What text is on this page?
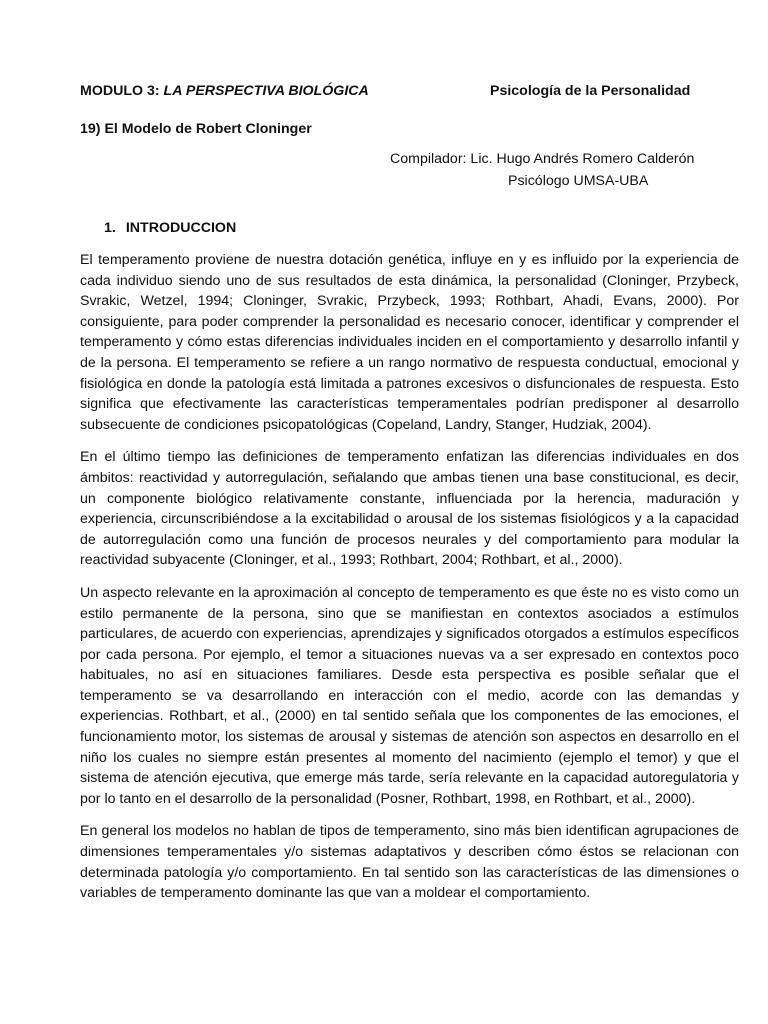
MODULO 3: LA PERSPECTIVA BIOLÓGICA	Psicología de la Personalidad
19) El Modelo de Robert Cloninger
Compilador: Lic. Hugo Andrés Romero Calderón
Psicólogo UMSA-UBA
1. INTRODUCCION

El temperamento proviene de nuestra dotación genética, influye en y es influido por la experiencia de cada individuo siendo uno de sus resultados de esta dinámica, la personalidad (Cloninger, Przybeck, Svrakic, Wetzel, 1994; Cloninger, Svrakic, Przybeck, 1993; Rothbart, Ahadi, Evans, 2000). Por consiguiente, para poder comprender la personalidad es necesario conocer, identificar y comprender el temperamento y cómo estas diferencias individuales inciden en el comportamiento y desarrollo infantil y de la persona. El temperamento se refiere a un rango normativo de respuesta conductual, emocional y fisiológica en donde la patología está limitada a patrones excesivos o disfuncionales de respuesta. Esto significa que efectivamente las características temperamentales podrían predisponer al desarrollo subsecuente de condiciones psicopatológicas (Copeland, Landry, Stanger, Hudziak, 2004).

En el último tiempo las definiciones de temperamento enfatizan las diferencias individuales en dos ámbitos: reactividad y autorregulación, señalando que ambas tienen una base constitucional, es decir, un componente biológico relativamente constante, influenciada por la herencia, maduración y experiencia, circunscribiéndose a la excitabilidad o arousal de los sistemas fisiológicos y a la capacidad de autorregulación como una función de procesos neurales y del comportamiento para modular la reactividad subyacente (Cloninger, et al., 1993; Rothbart, 2004; Rothbart, et al., 2000).

Un aspecto relevante en la aproximación al concepto de temperamento es que éste no es visto como un estilo permanente de la persona, sino que se manifiestan en contextos asociados a estímulos particulares, de acuerdo con experiencias, aprendizajes y significados otorgados a estímulos específicos por cada persona. Por ejemplo, el temor a situaciones nuevas va a ser expresado en contextos poco habituales, no así en situaciones familiares. Desde esta perspectiva es posible señalar que el temperamento se va desarrollando en interacción con el medio, acorde con las demandas y experiencias. Rothbart, et al., (2000) en tal sentido señala que los componentes de las emociones, el funcionamiento motor, los sistemas de arousal y sistemas de atención son aspectos en desarrollo en el niño los cuales no siempre están presentes al momento del nacimiento (ejemplo el temor) y que el sistema de atención ejecutiva, que emerge más tarde, sería relevante en la capacidad autoregulatoria y por lo tanto en el desarrollo de la personalidad (Posner, Rothbart, 1998, en Rothbart, et al., 2000).

En general los modelos no hablan de tipos de temperamento, sino más bien identifican agrupaciones de dimensiones temperamentales y/o sistemas adaptativos y describen cómo éstos se relacionan con determinada patología y/o comportamiento. En tal sentido son las características de las dimensiones o variables de temperamento dominante las que van a moldear el comportamiento.
